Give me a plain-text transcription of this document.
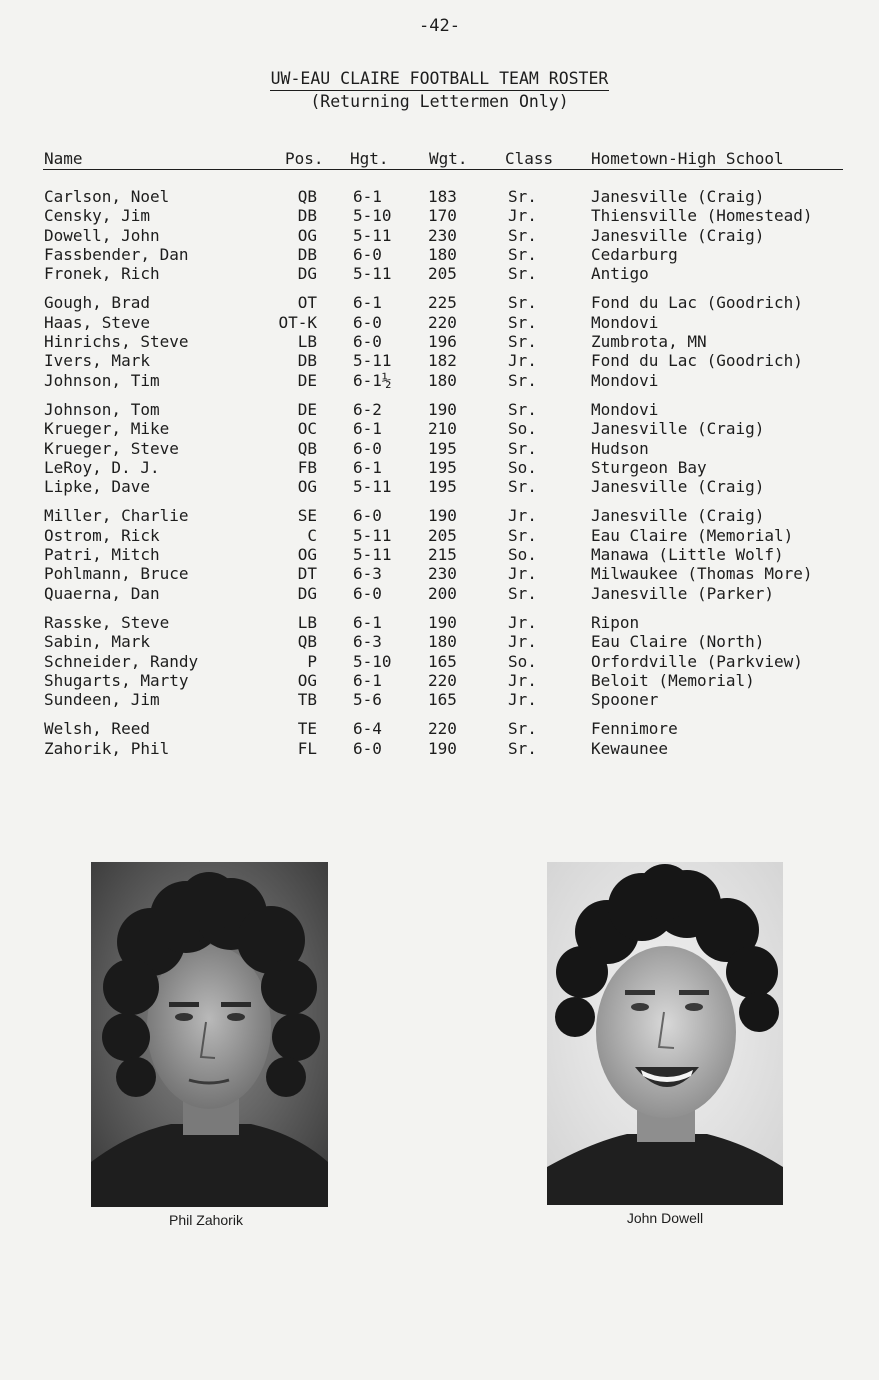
-42-
UW-EAU CLAIRE FOOTBALL TEAM ROSTER
(Returning Lettermen Only)
Name	Pos. Hgt.	Wgt. Class Hometown-High School
Carlson, Noel	QB 6-1	183	Sr.	Janesville (Craig)
Censky, Jim	DB 5-10 170	Jr.	Thiensville (Homestead)
Dowell, John	OG 5-11 230	Sr.	Janesville (Craig)
Fassbender, Dan	DB 6-0	180	Sr.	Cedarburg
Fronek, Rich	DG 5-11 205	Sr.	Antigo
Gough, Brad	OT 6-1	225	Sr.	Fond du Lac (Goodrich)
Haas, Steve	OT-K 6-0	220	Sr.	Mondovi
Hinrichs, Steve	LB 6-0	196	Sr.	Zumbrota, MN
Ivers, Mark	DB 5-11 182	Jr.	Fond du Lac (Goodrich)
Johnson, Tim	DE 6-1½ 180	Sr.	Mondovi
Johnson, Tom	DE 6-2	190	Sr.	Mondovi
Krueger, Mike	OC 6-1	210	So.	Janesville (Craig)
Krueger, Steve	QB 6-0	195	Sr.	Hudson
LeRoy, D. J.	FB 6-1	195	So.	Sturgeon Bay
Lipke, Dave	OG 5-11 195	Sr.	Janesville (Craig)
Miller, Charlie	SE 6-0	190	Jr.	Janesville (Craig)
Ostrom, Rick	C 5-11 205	Sr.	Eau Claire (Memorial)
Patri, Mitch	OG 5-11 215	So.	Manawa (Little Wolf)
Pohlmann, Bruce	DT 6-3	230	Jr.	Milwaukee (Thomas More)
Quaerna, Dan	DG 6-0	200	Sr.	Janesville (Parker)
Rasske, Steve	LB 6-1	190	Jr.	Ripon
Sabin, Mark	QB 6-3	180	Jr.	Eau Claire (North)
Schneider, Randy	P 5-10 165	So.	Orfordville (Parkview)
Shugarts, Marty	OG 6-1	220	Jr.	Beloit (Memorial)
Sundeen, Jim	TB 5-6	165	Jr.	Spooner
Welsh, Reed	TE 6-4	220	Sr.	Fennimore
Zahorik, Phil	FL 6-0	190	Sr.	Kewaunee
Phil Zahorik	John Dowell
